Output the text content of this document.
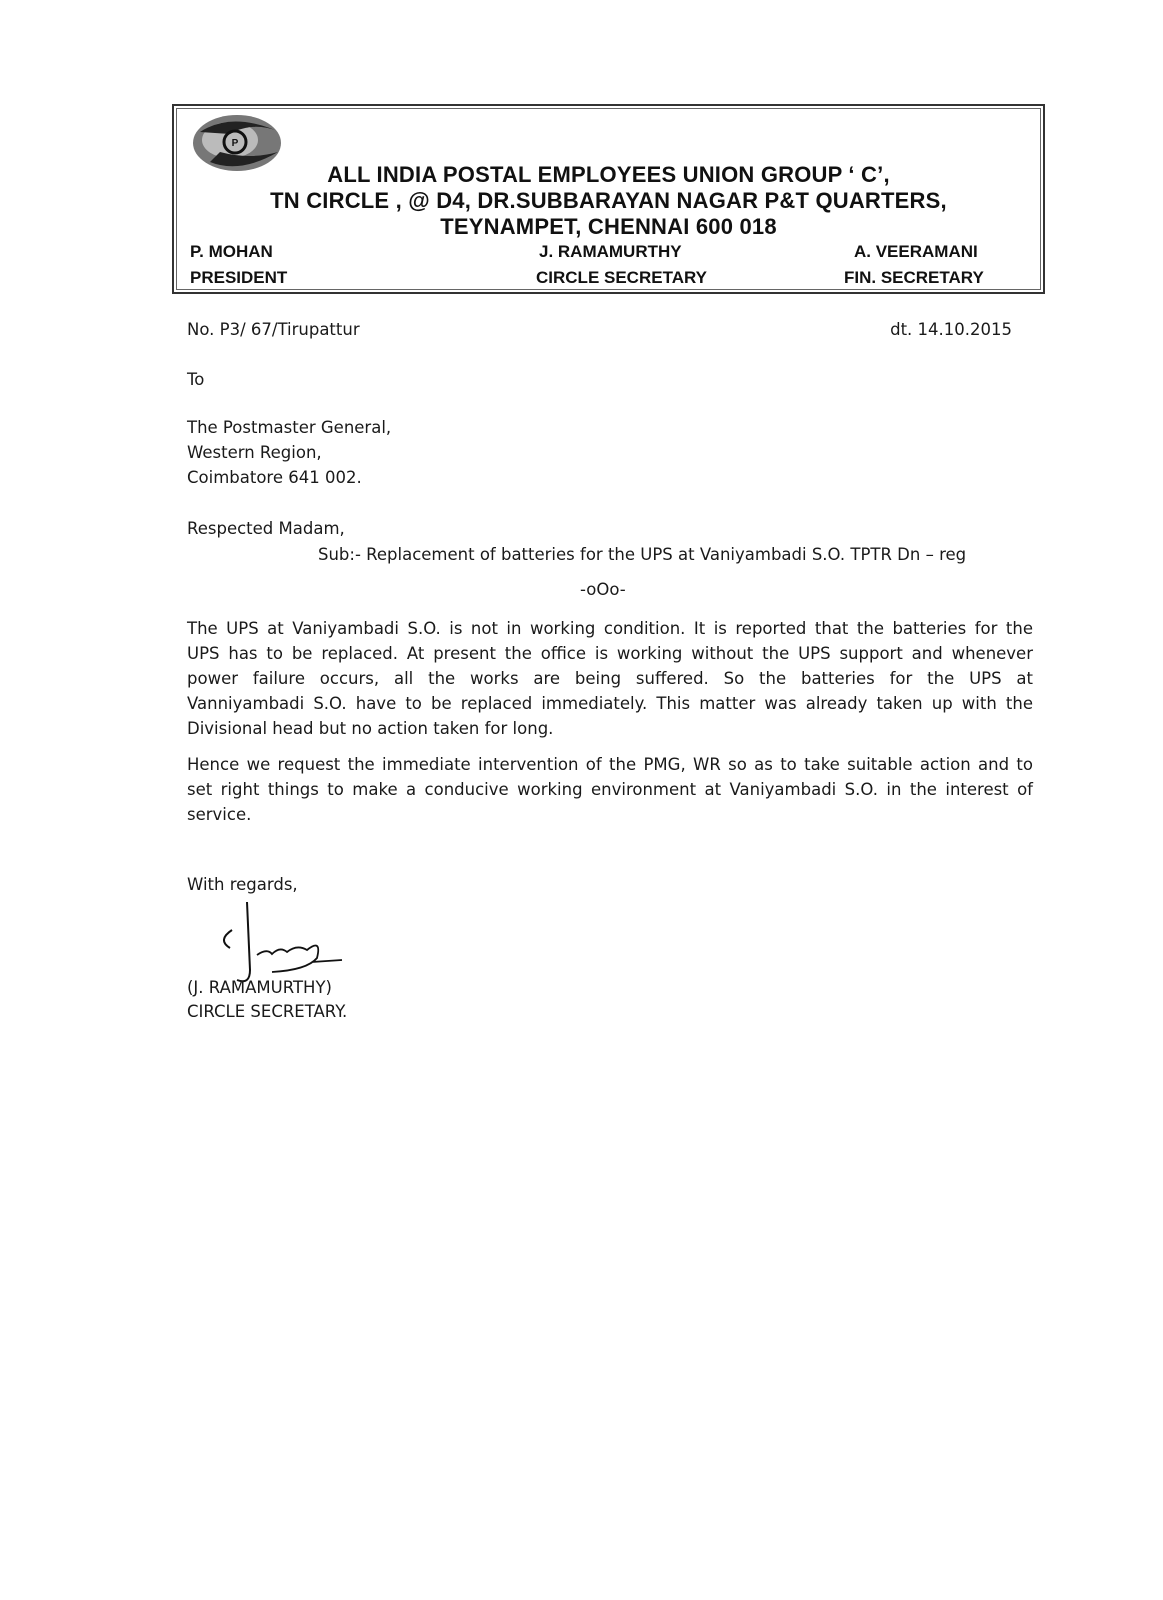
ALL INDIA POSTAL EMPLOYEES UNION GROUP ‘ C’,
TN CIRCLE , @ D4, DR.SUBBARAYAN NAGAR P&T QUARTERS,
TEYNAMPET, CHENNAI 600 018
P. MOHAN
PRESIDENT
J. RAMAMURTHY
CIRCLE SECRETARY
A. VEERAMANI
FIN. SECRETARY
P
No. P3/ 67/Tirupattur	dt. 14.10.2015
To
The Postmaster General,
Western Region,
Coimbatore 641 002.
Respected Madam,
Sub:- Replacement of batteries for the UPS at Vaniyambadi S.O. TPTR Dn – reg
-oOo-
The UPS at Vaniyambadi S.O. is not in working condition. It is reported that the batteries for the
UPS has to be replaced. At present the office is working without the UPS support and whenever
power failure occurs, all the works are being suffered. So the batteries for the UPS at
Vanniyambadi S.O. have to be replaced immediately. This matter was already taken up with the
Divisional head but no action taken for long.
Hence we request the immediate intervention of the PMG, WR so as to take suitable action and to
set right things to make a conducive working environment at Vaniyambadi S.O. in the interest of
service.
With regards,
(J. RAMAMURTHY)
CIRCLE SECRETARY.
